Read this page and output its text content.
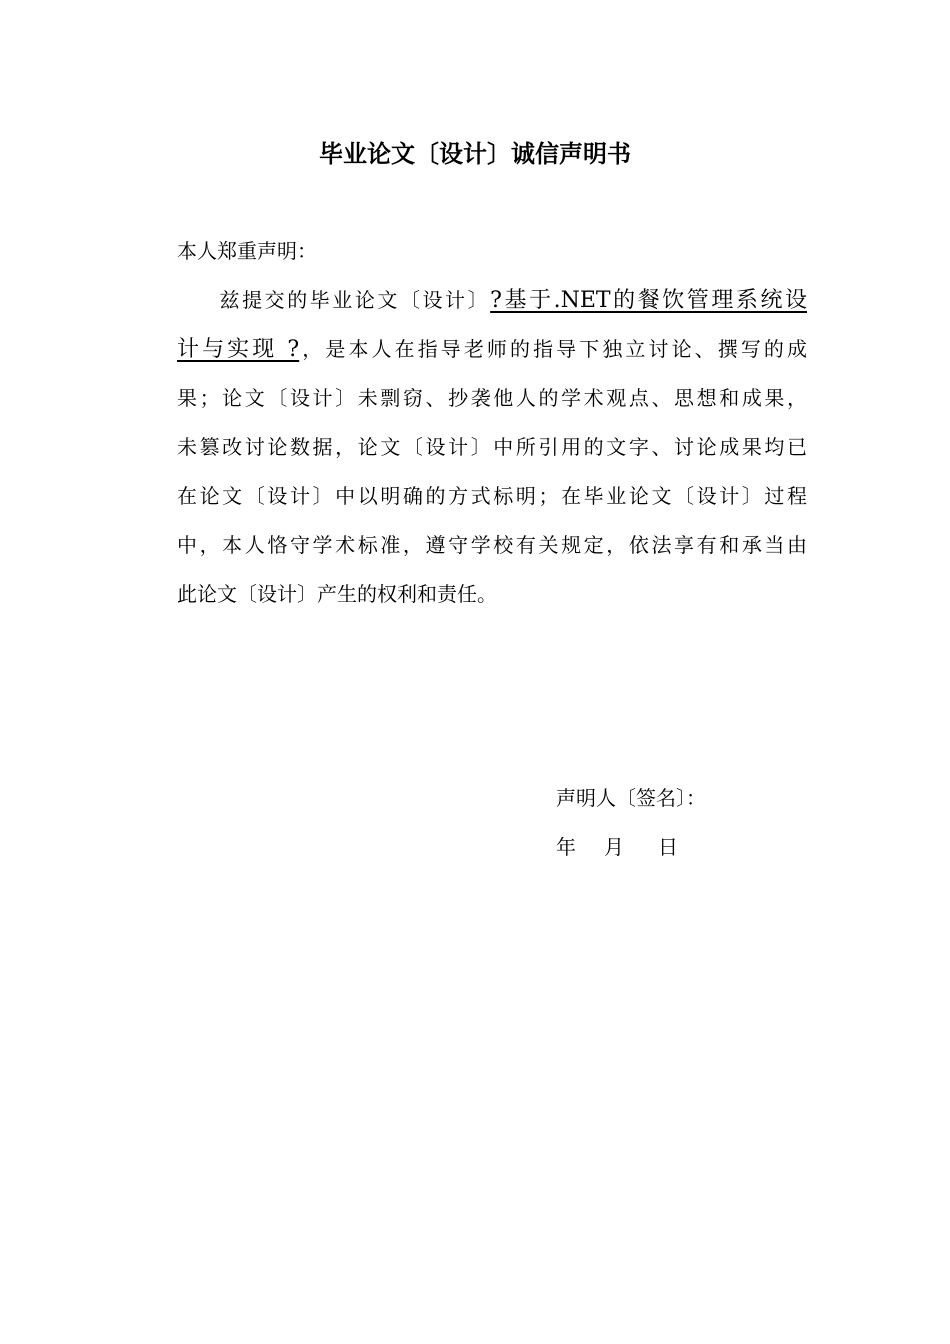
毕业论文〔设计〕诚信声明书
本人郑重声明：
兹提交的毕业论文〔设计〕?基于.NET的餐饮管理系统设
计与实现 ?，是本人在指导老师的指导下独立讨论、撰写的成
果；论文〔设计〕未剽窃、抄袭他人的学术观点、思想和成果，
未篡改讨论数据，论文〔设计〕中所引用的文字、讨论成果均已
在论文〔设计〕中以明确的方式标明；在毕业论文〔设计〕过程
中，本人恪守学术标准，遵守学校有关规定，依法享有和承当由
此论文〔设计〕产生的权利和责任。
声明人〔签名〕：
年 月 日
